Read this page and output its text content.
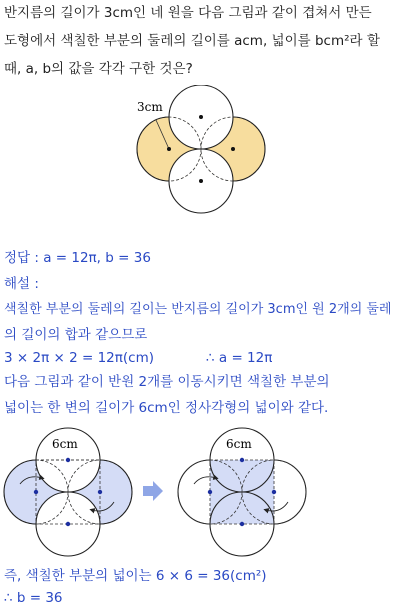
반지름의 길이가 3cm인 네 원을 다음 그림과 같이 겹쳐서 만든
도형에서 색칠한 부분의 둘레의 길이를 acm, 넓이를 bcm²라 할
때, a, b의 값을 각각 구한 것은?
3cm
정답 : a = 12π, b = 36
해설 :
색칠한 부분의 둘레의 길이는 반지름의 길이가 3cm인 원 2개의 둘레
의 길이의 합과 같으므로
3 × 2π × 2 = 12π(cm)	∴ a = 12π
다음 그림과 같이 반원 2개를 이동시키면 색칠한 부분의
넓이는 한 변의 길이가 6cm인 정사각형의 넓이와 같다.
6cm	6cm
즉, 색칠한 부분의 넓이는 6 × 6 = 36(cm²)
∴ b = 36
